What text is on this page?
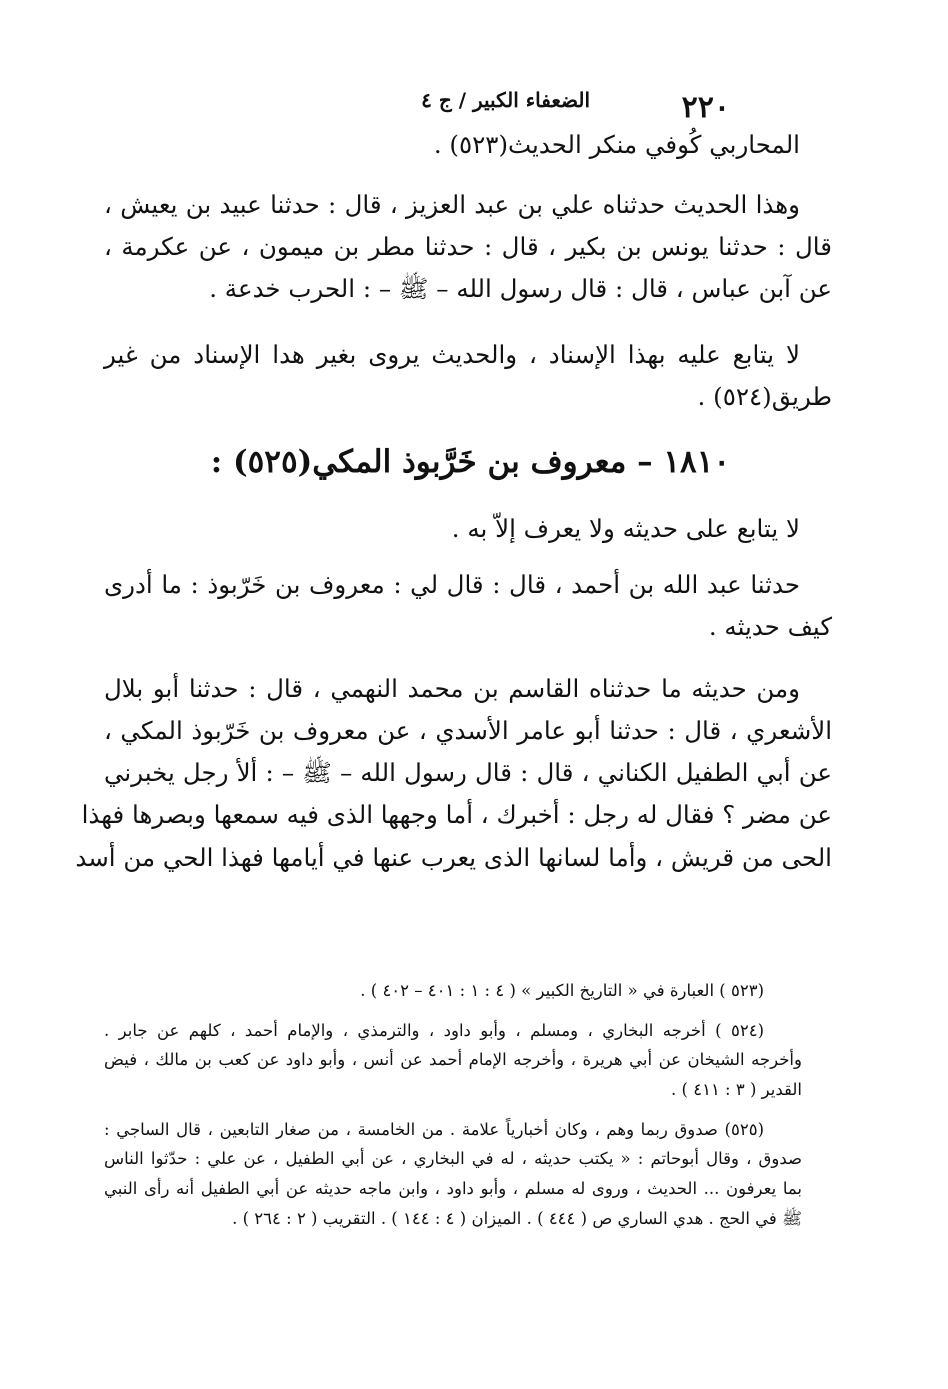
٢٢٠
الضعفاء الكبير / ج ٤
المحاربي كُوفي منكر الحديث(٥٢٣) .
وهذا الحديث حدثناه علي بن عبد العزيز ، قال : حدثنا عبيد بن يعيش ،
قال : حدثنا يونس بن بكير ، قال : حدثنا مطر بن ميمون ، عن عكرمة ،
عن آبن عباس ، قال : قال رسول الله – ﷺ – : الحرب خدعة .
لا يتابع عليه بهذا الإسناد ، والحديث يروى بغير هدا الإسناد من غير
طريق(٥٢٤) .
١٨١٠ – معروف بن خَرَّبوذ المكي(٥٢٥) :
لا يتابع على حديثه ولا يعرف إلاّ به .
حدثنا عبد الله بن أحمد ، قال : قال لي : معروف بن خَرّبوذ : ما أدرى
كيف حديثه .
ومن حديثه ما حدثناه القاسم بن محمد النهمي ، قال : حدثنا أبو بلال
الأشعري ، قال : حدثنا أبو عامر الأسدي ، عن معروف بن خَرّبوذ المكي ،
عن أبي الطفيل الكناني ، قال : قال رسول الله – ﷺ – : ألأ رجل يخبرني
عن مضر ؟ فقال له رجل : أخبرك ، أما وجهها الذى فيه سمعها وبصرها فهذا
الحى من قريش ، وأما لسانها الذى يعرب عنها في أيامها فهذا الحي من أسد

(٥٢٣ ) العبارة في « التاريخ الكبير » ( ٤ : ١ : ٤٠١ – ٤٠٢ ) .

(٥٢٤ ) أخرجه البخاري ، ومسلم ، وأبو داود ، والترمذي ، والإمام أحمد ، كلهم عن جابر .
وأخرجه الشيخان عن أبي هريرة ، وأخرجه الإمام أحمد عن أنس ، وأبو داود عن كعب بن مالك ، فيض
القدير ( ٣ : ٤١١ ) .

(٥٢٥) صدوق ربما وهم ، وكان أخبارياً علامة . من الخامسة ، من صغار التابعين ، قال الساجي :
صدوق ، وقال أبوحاتم : « يكتب حديثه ، له في البخاري ، عن أبي الطفيل ، عن علي : حدّثوا الناس
بما يعرفون ... الحديث ، وروى له مسلم ، وأبو داود ، وابن ماجه حديثه عن أبي الطفيل أنه رأى النبي
ﷺ في الحج . هدي الساري ص ( ٤٤٤ ) . الميزان ( ٤ : ١٤٤ ) . التقريب ( ٢ : ٢٦٤ ) .
